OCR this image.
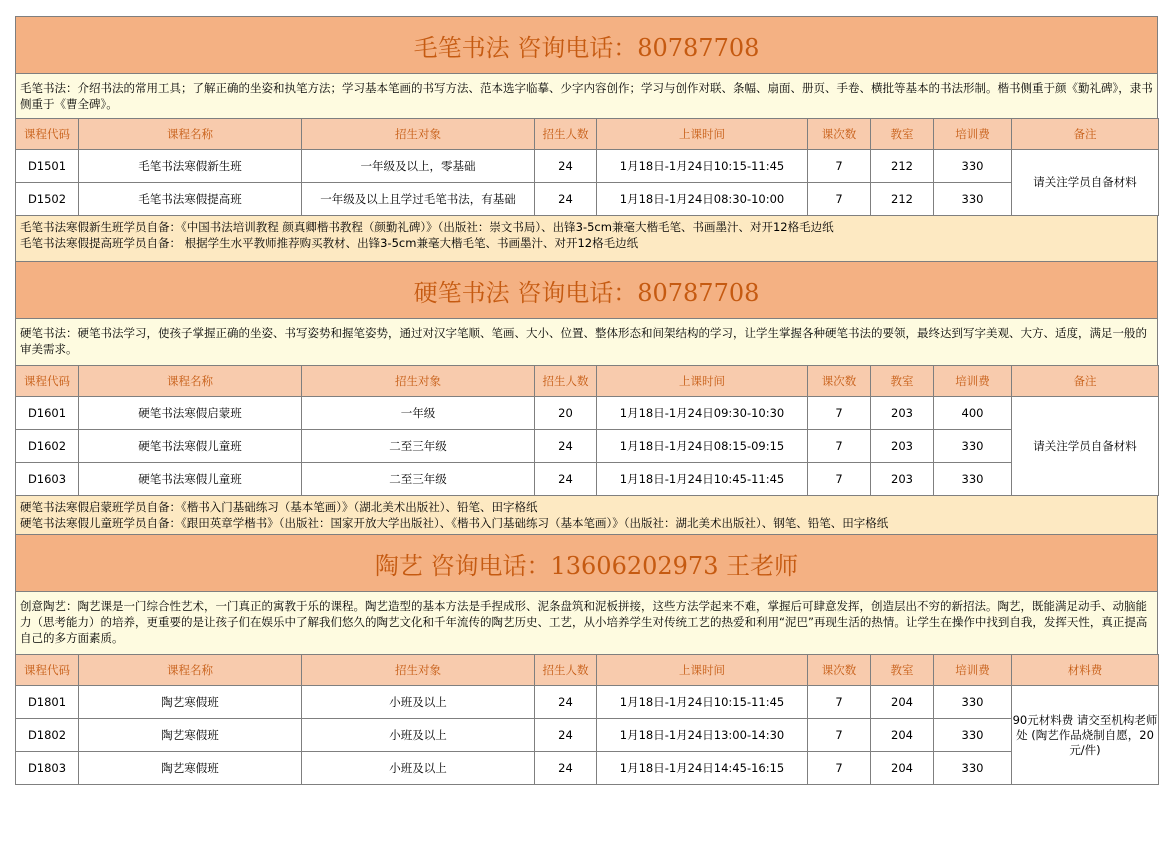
毛笔书法 咨询电话：80787708
毛笔书法：介绍书法的常用工具；了解正确的坐姿和执笔方法；学习基本笔画的书写方法、范本选字临摹、少字内容创作；学习与创作对联、条幅、扇面、册页、手卷、横批等基本的书法形制。楷书侧重于颜《勤礼碑》，隶书侧重于《曹全碑》。
课程代码	课程名称	招生对象	招生人数	上课时间	课次数	教室	培训费	备注
D1501	毛笔书法寒假新生班	一年级及以上，零基础	24	1月18日-1月24日10:15-11:45	7	212	330	请关注学员自备材料
D1502	毛笔书法寒假提高班	一年级及以上且学过毛笔书法，有基础	24	1月18日-1月24日08:30-10:00	7	212	330	
毛笔书法寒假新生班学员自备：《中国书法培训教程 颜真卿楷书教程（颜勤礼碑）》（出版社：崇文书局）、出锋3-5cm兼毫大楷毛笔、书画墨汁、对开12格毛边纸
毛笔书法寒假提高班学员自备： 根据学生水平教师推荐购买教材、出锋3-5cm兼毫大楷毛笔、书画墨汁、对开12格毛边纸
硬笔书法 咨询电话：80787708
硬笔书法：硬笔书法学习，使孩子掌握正确的坐姿、书写姿势和握笔姿势，通过对汉字笔顺、笔画、大小、位置、整体形态和间架结构的学习，让学生掌握各种硬笔书法的要领，最终达到写字美观、大方、适度，满足一般的审美需求。
课程代码	课程名称	招生对象	招生人数	上课时间	课次数	教室	培训费	备注
D1601	硬笔书法寒假启蒙班	一年级	20	1月18日-1月24日09:30-10:30	7	203	400	请关注学员自备材料
D1602	硬笔书法寒假儿童班	二至三年级	24	1月18日-1月24日08:15-09:15	7	203	330	
D1603	硬笔书法寒假儿童班	二至三年级	24	1月18日-1月24日10:45-11:45	7	203	330	
硬笔书法寒假启蒙班学员自备：《楷书入门基础练习（基本笔画）》（湖北美术出版社）、铅笔、田字格纸
硬笔书法寒假儿童班学员自备：《跟田英章学楷书》（出版社：国家开放大学出版社）、《楷书入门基础练习（基本笔画）》（出版社：湖北美术出版社）、钢笔、铅笔、田字格纸
陶艺 咨询电话：13606202973 王老师
创意陶艺：陶艺课是一门综合性艺术，一门真正的寓教于乐的课程。陶艺造型的基本方法是手捏成形、泥条盘筑和泥板拼接，这些方法学起来不难，掌握后可肆意发挥，创造层出不穷的新招法。陶艺，既能满足动手、动脑能力（思考能力）的培养，更重要的是让孩子们在娱乐中了解我们悠久的陶艺文化和千年流传的陶艺历史、工艺，从小培养学生对传统工艺的热爱和利用“泥巴”再现生活的热情。让学生在操作中找到自我，发挥天性，真正提高自己的多方面素质。
课程代码	课程名称	招生对象	招生人数	上课时间	课次数	教室	培训费	材料费
D1801	陶艺寒假班	小班及以上	24	1月18日-1月24日10:15-11:45	7	204	330	90元材料费 请交至机构老师处 (陶艺作品烧制自愿，20元/件)
D1802	陶艺寒假班	小班及以上	24	1月18日-1月24日13:00-14:30	7	204	330	
D1803	陶艺寒假班	小班及以上	24	1月18日-1月24日14:45-16:15	7	204	330	
